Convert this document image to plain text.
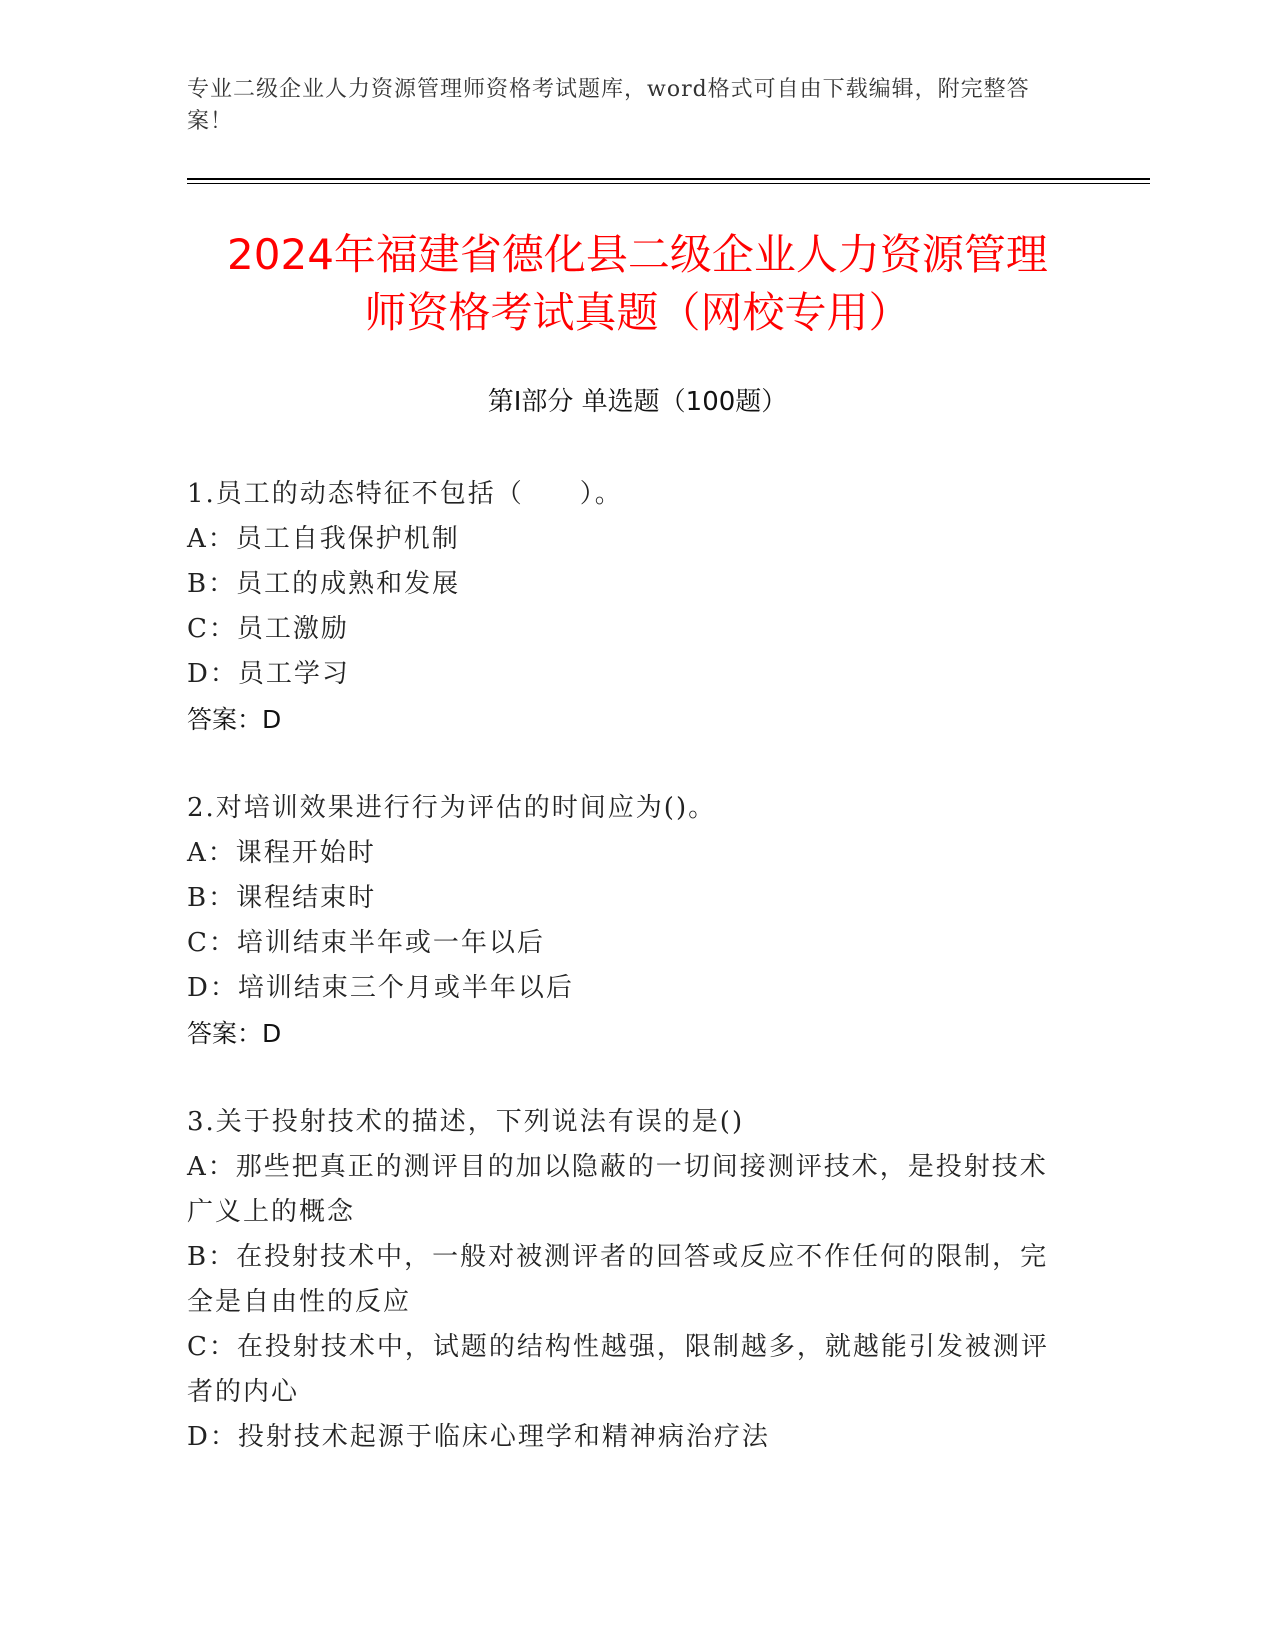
专业二级企业人力资源管理师资格考试题库，word格式可自由下载编辑，附完整答案！
2024年福建省德化县二级企业人力资源管理
师资格考试真题（网校专用）
第Ⅰ部分 单选题（100题）
1.员工的动态特征不包括（　　）。
A：员工自我保护机制
B：员工的成熟和发展
C：员工激励
D：员工学习
答案：D
2.对培训效果进行行为评估的时间应为()。
A：课程开始时
B：课程结束时
C：培训结束半年或一年以后
D：培训结束三个月或半年以后
答案：D
3.关于投射技术的描述，下列说法有误的是()
A：那些把真正的测评目的加以隐蔽的一切间接测评技术，是投射技术广义上的概念
B：在投射技术中，一般对被测评者的回答或反应不作任何的限制，完全是自由性的反应
C：在投射技术中，试题的结构性越强，限制越多，就越能引发被测评者的内心
D：投射技术起源于临床心理学和精神病治疗法
